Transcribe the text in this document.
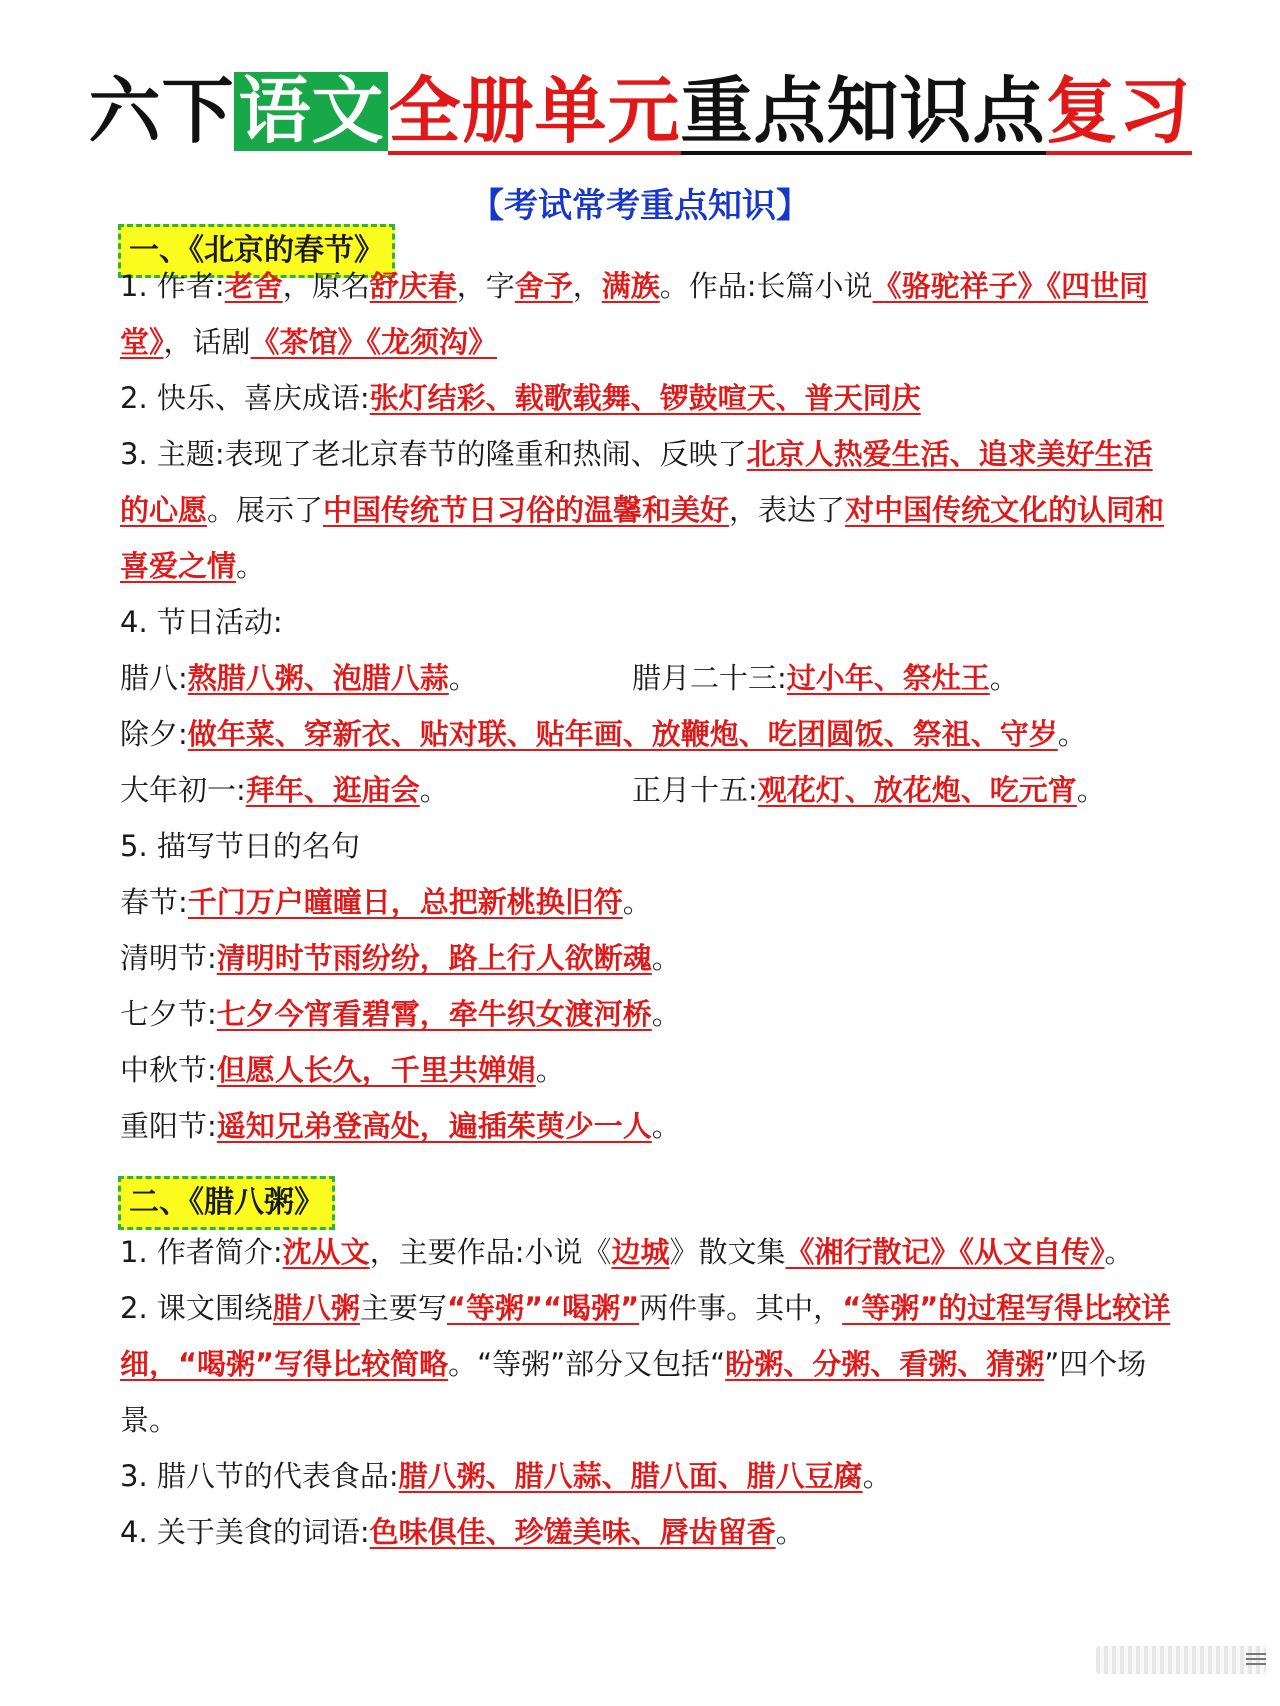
六下语文全册单元重点知识点复习
【考试常考重点知识】
一、《北京的春节》

1. 作者:老舍，原名舒庆春，字舍予，满族。作品:长篇小说《骆驼祥子》《四世同堂》，话剧《茶馆》《龙须沟》

2. 快乐、喜庆成语:张灯结彩、载歌载舞、锣鼓喧天、普天同庆

3. 主题:表现了老北京春节的隆重和热闹、反映了北京人热爱生活、追求美好生活的心愿。展示了中国传统节日习俗的温馨和美好，表达了对中国传统文化的认同和喜爱之情。

4. 节日活动:

腊八:熬腊八粥、泡腊八蒜。	腊月二十三:过小年、祭灶王。

除夕:做年菜、穿新衣、贴对联、贴年画、放鞭炮、吃团圆饭、祭祖、守岁。

大年初一:拜年、逛庙会。	正月十五:观花灯、放花炮、吃元宵。

5. 描写节日的名句

春节:千门万户曈曈日，总把新桃换旧符。

清明节:清明时节雨纷纷，路上行人欲断魂。

七夕节:七夕今宵看碧霄，牵牛织女渡河桥。

中秋节:但愿人长久，千里共婵娟。

重阳节:遥知兄弟登高处，遍插茱萸少一人。

二、《腊八粥》

1. 作者简介:沈从文，主要作品:小说《边城》散文集《湘行散记》《从文自传》。

2. 课文围绕腊八粥主要写“等粥”“喝粥”两件事。其中，“等粥”的过程写得比较详细，“喝粥”写得比较简略。“等粥”部分又包括“盼粥、分粥、看粥、猜粥”四个场景。

3. 腊八节的代表食品:腊八粥、腊八蒜、腊八面、腊八豆腐。

4. 关于美食的词语:色味俱佳、珍馐美味、唇齿留香。
